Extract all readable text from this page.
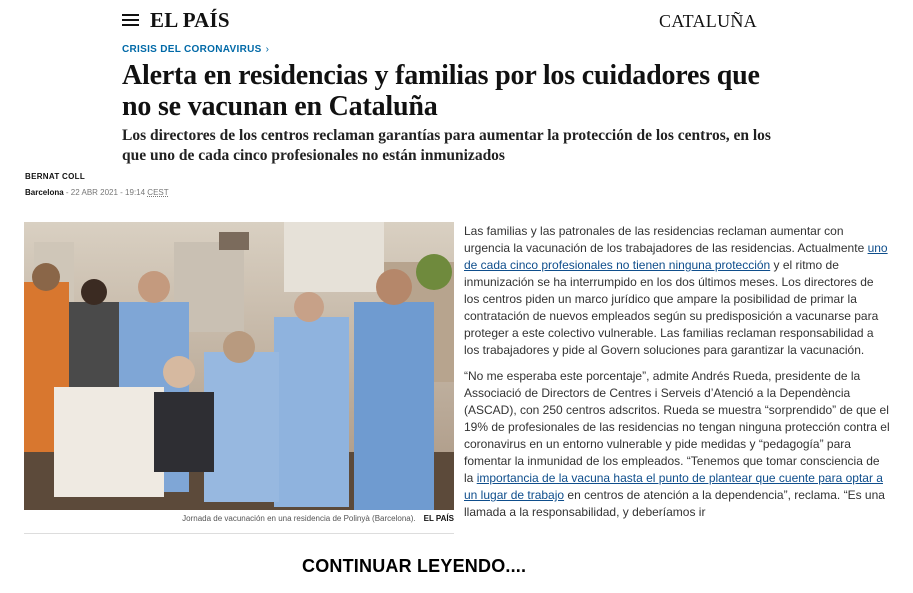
EL PAÍS	CATALUÑA
CRISIS DEL CORONAVIRUS ›
Alerta en residencias y familias por los cuidadores que no se vacunan en Cataluña
Los directores de los centros reclaman garantías para aumentar la protección de los centros, en los que uno de cada cinco profesionales no están inmunizados
BERNAT COLL
Barcelona - 22 ABR 2021 - 19:14 CEST
Jornada de vacunación en una residencia de Polinyà (Barcelona). EL PAÍS

Las familias y las patronales de las residencias reclaman aumentar con urgencia la vacunación de los trabajadores de las residencias. Actualmente uno de cada cinco profesionales no tienen ninguna protección y el ritmo de inmunización se ha interrumpido en los dos últimos meses. Los directores de los centros piden un marco jurídico que ampare la posibilidad de primar la contratación de nuevos empleados según su predisposición a vacunarse para proteger a este colectivo vulnerable. Las familias reclaman responsabilidad a los trabajadores y pide al Govern soluciones para garantizar la vacunación.

“No me esperaba este porcentaje”, admite Andrés Rueda, presidente de la Associació de Directors de Centres i Serveis d’Atenció a la Dependència (ASCAD), con 250 centros adscritos. Rueda se muestra “sorprendido” de que el 19% de profesionales de las residencias no tengan ninguna protección contra el coronavirus en un entorno vulnerable y pide medidas y “pedagogía” para fomentar la inmunidad de los empleados. “Tenemos que tomar consciencia de la importancia de la vacuna hasta el punto de plantear que cuente para optar a un lugar de trabajo en centros de atención a la dependencia”, reclama. “Es una llamada a la responsabilidad, y deberíamos ir

CONTINUAR LEYENDO....
